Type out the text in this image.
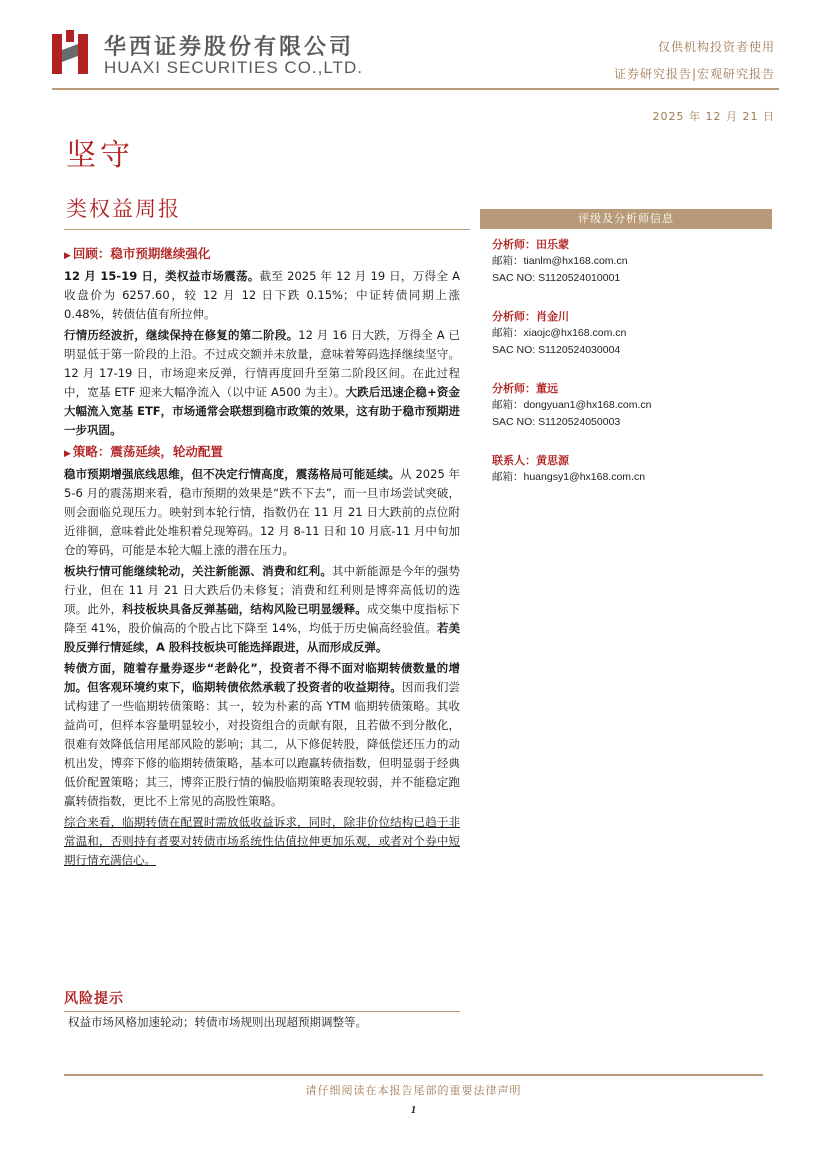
华西证券股份有限公司
HUAXI SECURITIES CO.,LTD.
仅供机构投资者使用
证券研究报告|宏观研究报告
2025 年 12 月 21 日
坚守
类权益周报
▶ 回顾：稳市预期继续强化

12 月 15-19 日，类权益市场震荡。截至 2025 年 12 月 19 日，万得全 A 收盘价为 6257.60，较 12 月 12 日下跌 0.15%；中证转债同期上涨 0.48%，转债估值有所拉伸。

行情历经波折，继续保持在修复的第二阶段。12 月 16 日大跌，万得全 A 已明显低于第一阶段的上沿。不过成交额并未放量，意味着筹码选择继续坚守。12 月 17-19 日，市场迎来反弹，行情再度回升至第二阶段区间。在此过程中，宽基 ETF 迎来大幅净流入（以中证 A500 为主）。大跌后迅速企稳+资金大幅流入宽基 ETF，市场通常会联想到稳市政策的效果，这有助于稳市预期进一步巩固。

▶ 策略：震荡延续，轮动配置

稳市预期增强底线思维，但不决定行情高度，震荡格局可能延续。从 2025 年 5-6 月的震荡期来看，稳市预期的效果是“跌不下去”，而一旦市场尝试突破，则会面临兑现压力。映射到本轮行情，指数仍在 11 月 21 日大跌前的点位附近徘徊，意味着此处堆积着兑现筹码。12 月 8-11 日和 10 月底-11 月中旬加仓的筹码，可能是本轮大幅上涨的潜在压力。

板块行情可能继续轮动，关注新能源、消费和红利。其中新能源是今年的强势行业，但在 11 月 21 日大跌后仍未修复；消费和红利则是博弈高低切的选项。此外，科技板块具备反弹基础，结构风险已明显缓释。成交集中度指标下降至 41%，股价偏高的个股占比下降至 14%，均低于历史偏高经验值。若美股反弹行情延续，A 股科技板块可能选择跟进，从而形成反弹。

转债方面，随着存量券逐步“老龄化”，投资者不得不面对临期转债数量的增加。但客观环境约束下，临期转债依然承载了投资者的收益期待。因而我们尝试构建了一些临期转债策略：其一，较为朴素的高 YTM 临期转债策略。其收益尚可，但样本容量明显较小，对投资组合的贡献有限，且若做不到分散化，很难有效降低信用尾部风险的影响；其二，从下修促转股，降低偿还压力的动机出发，博弈下修的临期转债策略，基本可以跑赢转债指数，但明显弱于经典低价配置策略；其三，博弈正股行情的偏股临期策略表现较弱，并不能稳定跑赢转债指数，更比不上常见的高股性策略。

综合来看，临期转债在配置时需放低收益诉求，同时，除非价位结构已趋于非常温和，否则持有者要对转债市场系统性估值拉伸更加乐观，或者对个券中短期行情充满信心。

风险提示
权益市场风格加速轮动；转债市场规则出现超预期调整等。
评级及分析师信息
分析师：田乐蒙
邮箱：tianlm@hx168.com.cn
SAC NO: S1120524010001
分析师：肖金川
邮箱：xiaojc@hx168.com.cn
SAC NO: S1120524030004
分析师：董远
邮箱：dongyuan1@hx168.com.cn
SAC NO: S1120524050003
联系人：黄思源
邮箱：huangsy1@hx168.com.cn
请仔细阅读在本报告尾部的重要法律声明
1
